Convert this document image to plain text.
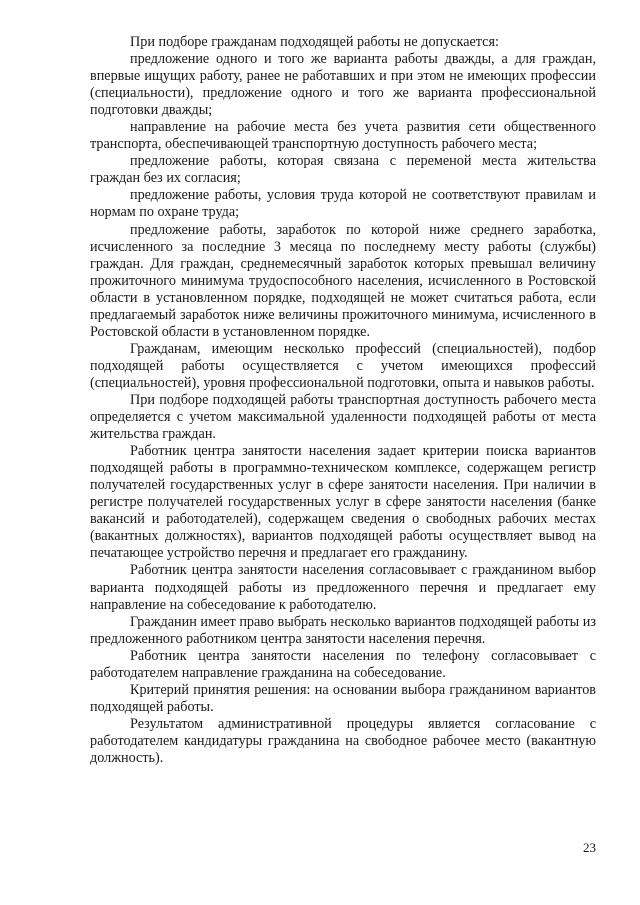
При подборе гражданам подходящей работы не допускается:

предложение одного и того же варианта работы дважды, а для граждан, впервые ищущих работу, ранее не работавших и при этом не имеющих профессии (специальности), предложение одного и того же варианта профессиональной подготовки дважды;

направление на рабочие места без учета развития сети общественного транспорта, обеспечивающей транспортную доступность рабочего места;

предложение работы, которая связана с переменой места жительства граждан без их согласия;

предложение работы, условия труда которой не соответствуют правилам и нормам по охране труда;

предложение работы, заработок по которой ниже среднего заработка, исчисленного за последние 3 месяца по последнему месту работы (службы) граждан. Для граждан, среднемесячный заработок которых превышал величину прожиточного минимума трудоспособного населения, исчисленного в Ростовской области в установленном порядке, подходящей не может считаться работа, если предлагаемый заработок ниже величины прожиточного минимума, исчисленного в Ростовской области в установленном порядке.

Гражданам, имеющим несколько профессий (специальностей), подбор подходящей работы осуществляется с учетом имеющихся профессий (специальностей), уровня профессиональной подготовки, опыта и навыков работы.

При подборе подходящей работы транспортная доступность рабочего места определяется с учетом максимальной удаленности подходящей работы от места жительства граждан.

Работник центра занятости населения задает критерии поиска вариантов подходящей работы в программно-техническом комплексе, содержащем регистр получателей государственных услуг в сфере занятости населения. При наличии в регистре получателей государственных услуг в сфере занятости населения (банке вакансий и работодателей), содержащем сведения о свободных рабочих местах (вакантных должностях), вариантов подходящей работы осуществляет вывод на печатающее устройство перечня и предлагает его гражданину.

Работник центра занятости населения согласовывает с гражданином выбор варианта подходящей работы из предложенного перечня и предлагает ему направление на собеседование к работодателю.

Гражданин имеет право выбрать несколько вариантов подходящей работы из предложенного работником центра занятости населения перечня.

Работник центра занятости населения по телефону согласовывает с работодателем направление гражданина на собеседование.

Критерий принятия решения: на основании выбора гражданином вариантов подходящей работы.

Результатом административной процедуры является согласование с работодателем кандидатуры гражданина на свободное рабочее место (вакантную должность).

23
